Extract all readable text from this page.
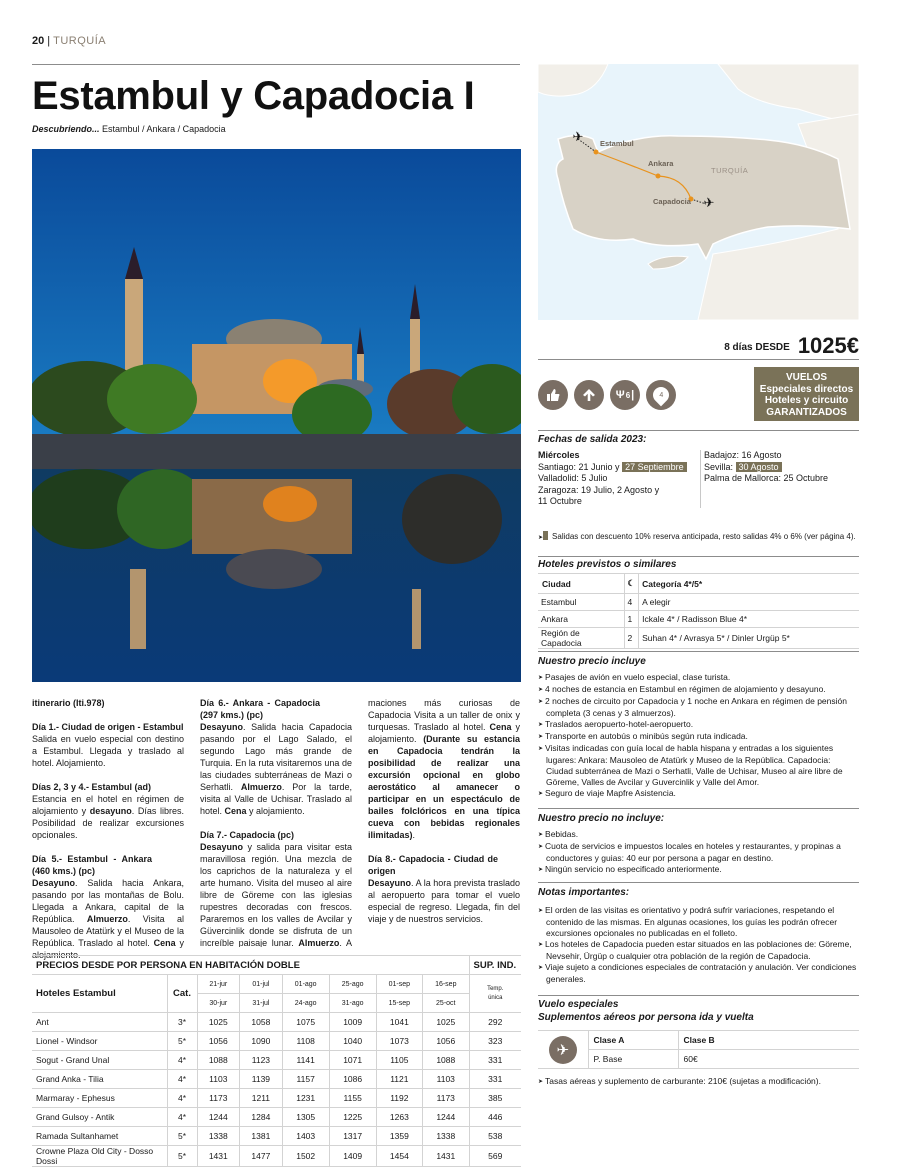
20 | TURQUÍA
Estambul y Capadocia I
Descubriendo... Estambul / Ankara / Capadocia

itinerario (Iti.978)

Día 1.- Ciudad de origen - Estambul
Salida en vuelo especial con destino a Estambul. Llegada y traslado al hotel. Alojamiento.

Días 2, 3 y 4.- Estambul (ad)
Estancia en el hotel en régimen de alojamiento y desayuno. Días libres. Posibilidad de realizar excursiones opcionales.

Día 5.- Estambul - Ankara (460 kms.) (pc)
Desayuno. Salida hacia Ankara, pasando por las montañas de Bolu. Llegada a Ankara, capital de la República. Almuerzo. Visita al Mausoleo de Atatürk y el Museo de la República. Traslado al hotel. Cena y alojamiento.

Día 6.- Ankara - Capadocia (297 kms.) (pc)
Desayuno. Salida hacia Capadocia pasando por el Lago Salado, el segundo Lago más grande de Turquia. En la ruta visitaremos una de las ciudades subterráneas de Mazi o Serhatli. Almuerzo. Por la tarde, visita al Valle de Uchisar. Traslado al hotel. Cena y alojamiento.

Día 7.- Capadocia (pc)
Desayuno y salida para visitar esta maravillosa región. Una mezcla de los caprichos de la naturaleza y el arte humano. Visita del museo al aire libre de Göreme con las iglesias rupestres decoradas con frescos. Pararemos en los valles de Avcilar y Güvercinlik donde se disfruta de un increíble paisaje lunar. Almuerzo. A

maciones más curiosas de Capadocia Visita a un taller de onix y turquesas. Traslado al hotel. Cena y alojamiento. (Durante su estancia en Capadocia tendrán la posibilidad de realizar una excursión opcional en globo aerostático al amanecer o participar en un espectáculo de bailes folclóricos en una típica cueva con bebidas regionales ilimitadas).

Día 8.- Capadocia - Ciudad de origen
Desayuno. A la hora prevista traslado al aeropuerto para tomar el vuelo especial de regreso. Llegada, fin del viaje y de nuestros servicios.

PRECIOS DESDE POR PERSONA EN HABITACIÓN DOBLE								SUP. IND.
Hoteles Estambul	Cat.	21-jur	01-jul	01-ago	25-ago	01-sep	16-sep	Temp.
única
		30-jur	31-jul	24-ago	31-ago	15-sep	25-oct	
Ant	3*	1025	1058	1075	1009	1041	1025	292
Lionel - Windsor	5*	1056	1090	1108	1040	1073	1056	323
Sogut - Grand Unal	4*	1088	1123	1141	1071	1105	1088	331
Grand Anka - Tilia	4*	1103	1139	1157	1086	1121	1103	331
Marmaray - Ephesus	4*	1173	1211	1231	1155	1192	1173	385
Grand Gulsoy - Antik	4*	1244	1284	1305	1225	1263	1244	446
Ramada Sultanhamet	5*	1338	1381	1403	1317	1359	1338	538
Crowne Plaza Old City - Dosso Dossi	5*	1431	1477	1502	1409	1454	1431	569
✈
✈
Estambul
Ankara
Capadocia
TURQUÍA
8 días DESDE 1025€
Ψ 6 |	4
VUELOS
Especiales directos
Hoteles y circuito
GARANTIZADOS
Fechas de salida 2023:
Miércoles
Santiago: 21 Junio y 27 Septiembre
Valladolid: 5 Julio
Zaragoza: 19 Julio, 2 Agosto y
11 Octubre
Badajoz: 16 Agosto
Sevilla: 30 Agosto
Palma de Mallorca: 25 Octubre
➤ Salidas con descuento 10% reserva anticipada, resto salidas 4% o 6% (ver página 4).
Hoteles previstos o similares
Ciudad	☾	Categoría 4*/5*
Estambul	4	A elegir
Ankara	1	Ickale 4* / Radisson Blue 4*
Región de Capadocia	2	Suhan 4* / Avrasya 5* / Dinler Urgüp 5*
Nuestro precio incluye
➤ Pasajes de avión en vuelo especial, clase turista.
➤ 4 noches de estancia en Estambul en régimen de alojamiento y desayuno.
➤ 2 noches de circuito por Capadocia y 1 noche en Ankara en régimen de pensión completa (3 cenas y 3 almuerzos).
➤ Traslados aeropuerto-hotel-aeropuerto.
➤ Transporte en autobús o minibús según ruta indicada.
➤ Visitas indicadas con guía local de habla hispana y entradas a los siguientes lugares: Ankara: Mausoleo de Atatürk y Museo de la República. Capadocia: Ciudad subterránea de Mazi o Serhatli, Valle de Uchisar, Museo al aire libre de Göreme, Valles de Avcilar y Guvercinlik y Valle del Amor.
➤ Seguro de viaje Mapfre Asistencia.
Nuestro precio no incluye:
➤ Bebidas.
➤ Cuota de servicios e impuestos locales en hoteles y restaurantes, y propinas a conductores y guias: 40 eur por persona a pagar en destino.
➤ Ningún servicio no especificado anteriormente.
Notas importantes:
➤ El orden de las visitas es orientativo y podrá sufrir variaciones, respetando el contenido de las mismas. En algunas ocasiones, los guías les podrán ofrecer excursiones opcionales no publicadas en el folleto.
➤ Los hoteles de Capadocia pueden estar situados en las poblaciones de: Göreme, Nevsehir, Ürgüp o cualquier otra población de la región de Capadocia.
➤ Viaje sujeto a condiciones especiales de contratación y anulación. Ver condiciones generales.
Vuelo especiales
Suplementos aéreos por persona ida y vuelta
✈	Clase A	Clase B
	P. Base	60€
➤ Tasas aéreas y suplemento de carburante: 210€ (sujetas a modificación).
